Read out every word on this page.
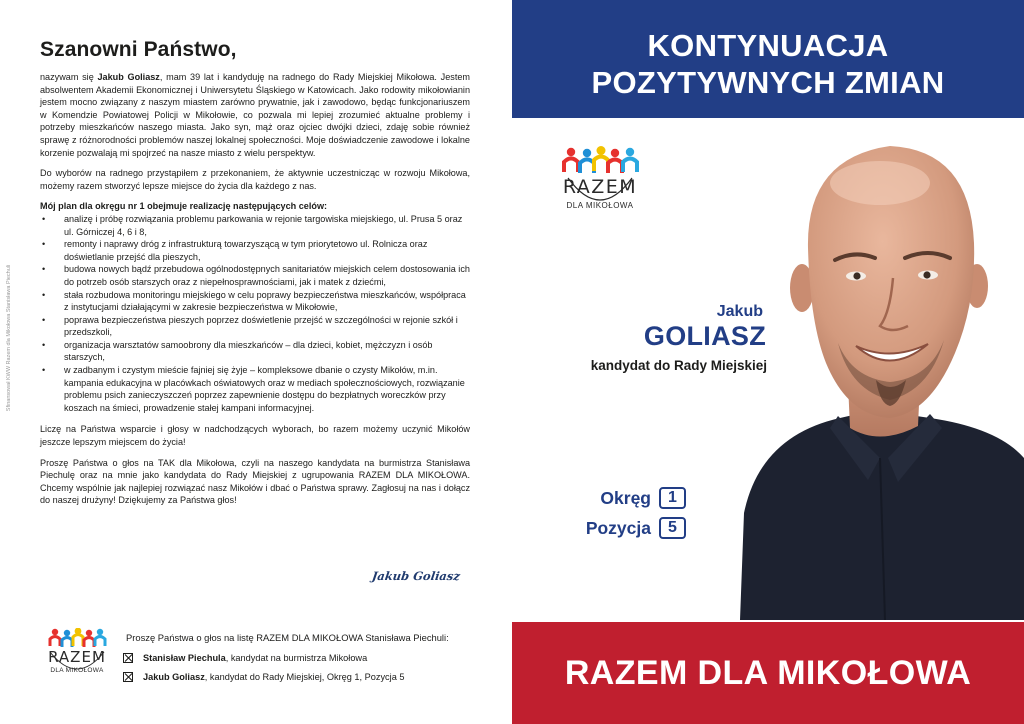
Sfinansował KWW Razem dla Mikołowa Stanisława Piechuli
Szanowni Państwo,

nazywam się Jakub Goliasz, mam 39 lat i kandyduję na radnego do Rady Miejskiej Mikołowa. Jestem absolwentem Akademii Ekonomicznej i Uniwersytetu Śląskiego w Katowicach. Jako rodowity mikołowianin jestem mocno związany z naszym miastem zarówno prywatnie, jak i zawodowo, będąc funkcjonariuszem w Komendzie Powiatowej Policji w Mikołowie, co pozwala mi lepiej zrozumieć aktualne problemy i potrzeby mieszkańców naszego miasta. Jako syn, mąż oraz ojciec dwójki dzieci, zdaję sobie również sprawę z różnorodności problemów naszej lokalnej społeczności. Moje doświadczenie zawodowe i lokalne korzenie pozwalają mi spojrzeć na nasze miasto z wielu perspektyw.

Do wyborów na radnego przystąpiłem z przekonaniem, że aktywnie uczestnicząc w rozwoju Mikołowa, możemy razem stworzyć lepsze miejsce do życia dla każdego z nas.

Mój plan dla okręgu nr 1 obejmuje realizację następujących celów:

• analizę i próbę rozwiązania problemu parkowania w rejonie targowiska miejskiego, ul. Prusa 5 oraz ul. Górniczej 4, 6 i 8,
• remonty i naprawy dróg z infrastrukturą towarzyszącą w tym priorytetowo ul. Rolnicza oraz doświetlanie przejść dla pieszych,
• budowa nowych bądź przebudowa ogólnodostępnych sanitariatów miejskich celem dostosowania ich do potrzeb osób starszych oraz z niepełnosprawnościami, jak i matek z dziećmi,
• stała rozbudowa monitoringu miejskiego w celu poprawy bezpieczeństwa mieszkańców, współpraca z instytucjami działającymi w zakresie bezpieczeństwa w Mikołowie,
• poprawa bezpieczeństwa pieszych poprzez doświetlenie przejść w szczególności w rejonie szkół i przedszkoli,
• organizacja warsztatów samoobrony dla mieszkańców – dla dzieci, kobiet, mężczyzn i osób starszych,
• w zadbanym i czystym mieście fajniej się żyje – kompleksowe dbanie o czysty Mikołów, m.in. kampania edukacyjna w placówkach oświatowych oraz w mediach społecznościowych, rozwiązanie problemu psich zanieczyszczeń poprzez zapewnienie dostępu do bezpłatnych woreczków przy koszach na śmieci, prowadzenie stałej kampani informacyjnej.

Liczę na Państwa wsparcie i głosy w nadchodzących wyborach, bo razem możemy uczynić Mikołów jeszcze lepszym miejscem do życia!

Proszę Państwa o głos na TAK dla Mikołowa, czyli na naszego kandydata na burmistrza Stanisława Piechulę oraz na mnie jako kandydata do Rady Miejskiej z ugrupowania RAZEM DLA MIKOŁOWA. Chcemy wspólnie jak najlepiej rozwiązać nasz Mikołów i dbać o Państwa sprawy. Zagłosuj na nas i dołącz do naszej drużyny! Dziękujemy za Państwa głos!

Jakub Goliasz
RAZEM
DLA MIKOŁOWA

Proszę Państwa o głos na listę RAZEM DLA MIKOŁOWA Stanisława Piechuli:

Stanisław Piechula, kandydat na burmistrza Mikołowa
Jakub Goliasz, kandydat do Rady Miejskiej, Okręg 1, Pozycja 5
KONTYNUACJA
POZYTYWNYCH ZMIAN
RAZEM
DLA MIKOŁOWA

Jakub

GOLIASZ

kandydat do Rady Miejskiej

Okręg	1
Pozycja	5

RAZEM DLA MIKOŁOWA
